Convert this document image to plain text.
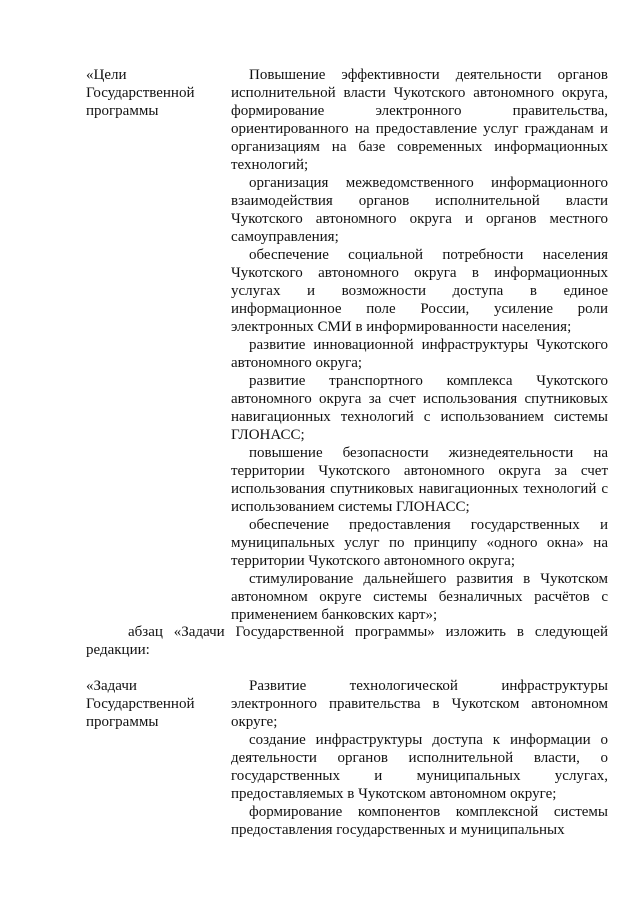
«Цели Государственной программы

Повышение эффективности деятельности органов исполнительной власти Чукотского автономного округа, формирование электронного правительства, ориентированного на предоставление услуг гражданам и организациям на базе современных информационных технологий;

организация межведомственного информационного взаимодействия органов исполнительной власти Чукотского автономного округа и органов местного самоуправления;

обеспечение социальной потребности населения Чукотского автономного округа в информационных услугах и возможности доступа в единое информационное поле России, усиление роли электронных СМИ в информированности населения;

развитие инновационной инфраструктуры Чукотского автономного округа;

развитие транспортного комплекса Чукотского автономного округа за счет использования спутниковых навигационных технологий с использованием системы ГЛОНАСС;

повышение безопасности жизнедеятельности на территории Чукотского автономного округа за счет использования спутниковых навигационных технологий с использованием системы ГЛОНАСС;

обеспечение предоставления государственных и муниципальных услуг по принципу «одного окна» на территории Чукотского автономного округа;

стимулирование дальнейшего развития в Чукотском автономном округе системы безналичных расчётов с применением банковских карт»;

абзац «Задачи Государственной программы» изложить в следующей редакции:

«Задачи Государственной программы

Развитие технологической инфраструктуры электронного правительства в Чукотском автономном округе;

создание инфраструктуры доступа к информации о деятельности органов исполнительной власти, о государственных и муниципальных услугах, предоставляемых в Чукотском автономном округе;

формирование компонентов комплексной системы предоставления государственных и муниципальных
